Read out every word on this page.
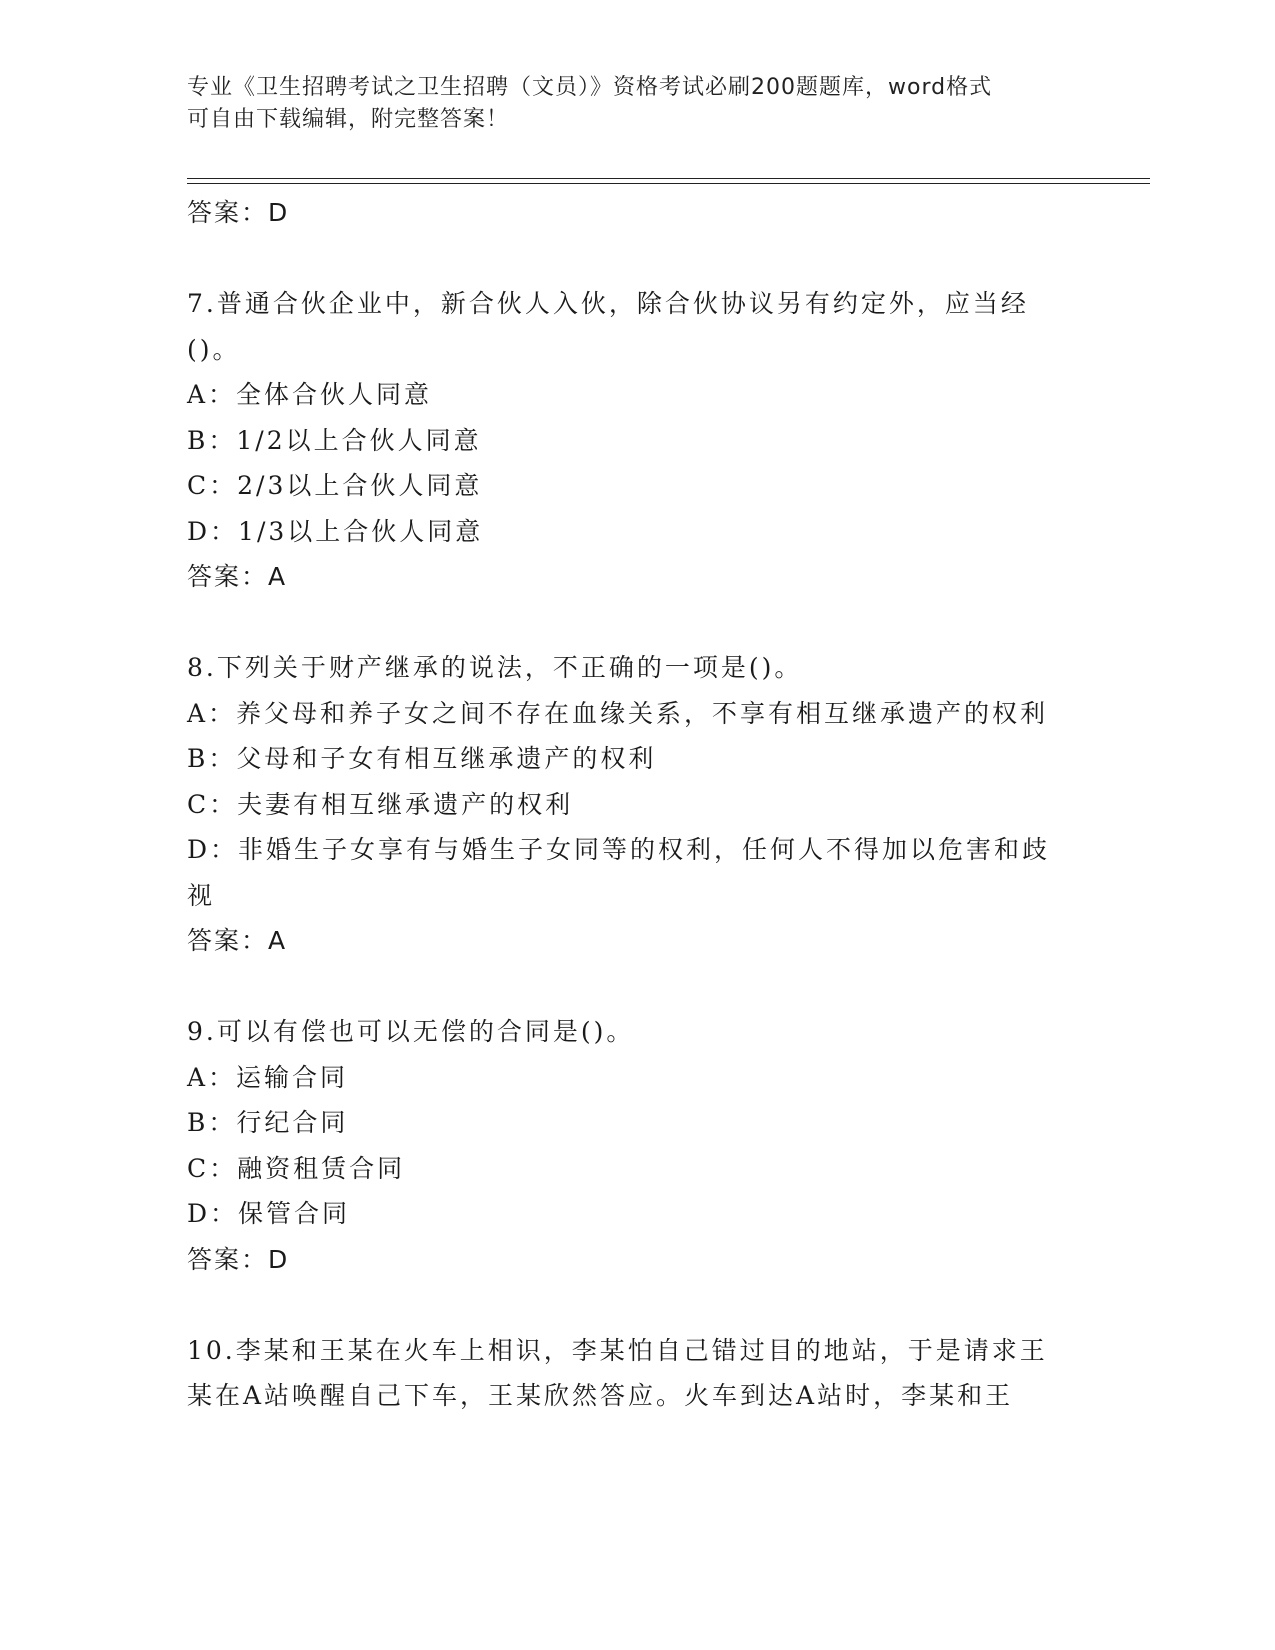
专业《卫生招聘考试之卫生招聘（文员）》资格考试必刷200题题库，word格式
可自由下载编辑，附完整答案！
答案：D
7.普通合伙企业中，新合伙人入伙，除合伙协议另有约定外，应当经
()。
A：全体合伙人同意
B：1/2以上合伙人同意
C：2/3以上合伙人同意
D：1/3以上合伙人同意
答案：A
8.下列关于财产继承的说法，不正确的一项是()。
A：养父母和养子女之间不存在血缘关系，不享有相互继承遗产的权利
B：父母和子女有相互继承遗产的权利
C：夫妻有相互继承遗产的权利
D：非婚生子女享有与婚生子女同等的权利，任何人不得加以危害和歧
视
答案：A
9.可以有偿也可以无偿的合同是()。
A：运输合同
B：行纪合同
C：融资租赁合同
D：保管合同
答案：D
10.李某和王某在火车上相识，李某怕自己错过目的地站，于是请求王
某在A站唤醒自己下车，王某欣然答应。火车到达A站时，李某和王
